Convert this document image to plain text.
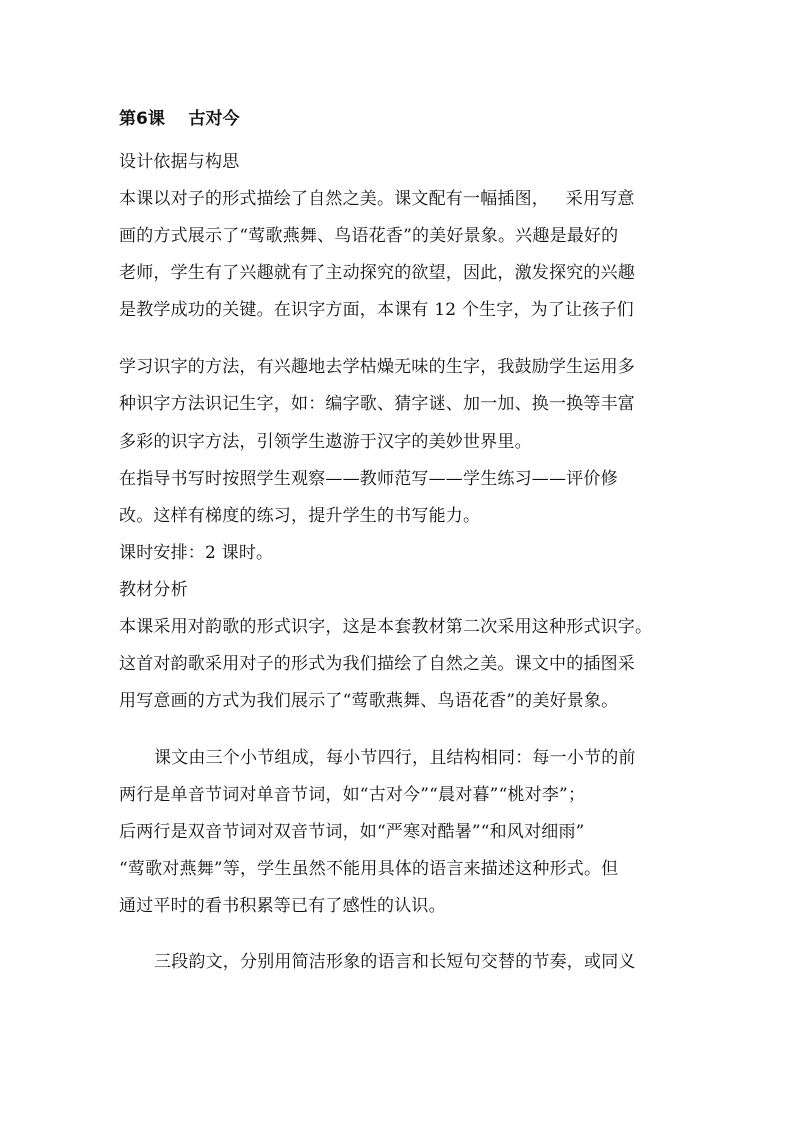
第6课    古对今
设计依据与构思
本课以对子的形式描绘了自然之美。课文配有一幅插图，   采用写意
画的方式展示了“莺歌燕舞、鸟语花香”的美好景象。兴趣是最好的
老师，学生有了兴趣就有了主动探究的欲望，因此，激发探究的兴趣
是教学成功的关键。在识字方面，本课有 12 个生字，为了让孩子们
学习识字的方法，有兴趣地去学枯燥无味的生字，我鼓励学生运用多
种识字方法识记生字，如：编字歌、猜字谜、加一加、换一换等丰富
多彩的识字方法，引领学生遨游于汉字的美妙世界里。
在指导书写时按照学生观察——教师范写——学生练习——评价修
改。这样有梯度的练习，提升学生的书写能力。
课时安排：2 课时。
教材分析
本课采用对韵歌的形式识字，这是本套教材第二次采用这种形式识字。
这首对韵歌采用对子的形式为我们描绘了自然之美。课文中的插图采
用写意画的方式为我们展示了“莺歌燕舞、鸟语花香”的美好景象。
课文由三个小节组成，每小节四行，且结构相同：每一小节的前
两行是单音节词对单音节词，如“古对今”“晨对暮”“桃对李”；
后两行是双音节词对双音节词，如“严寒对酷暑”“和风对细雨”
“莺歌对燕舞”等，学生虽然不能用具体的语言来描述这种形式。但
通过平时的看书积累等已有了感性的认识。
三段韵文，分别用简洁形象的语言和长短句交替的节奏，或同义
